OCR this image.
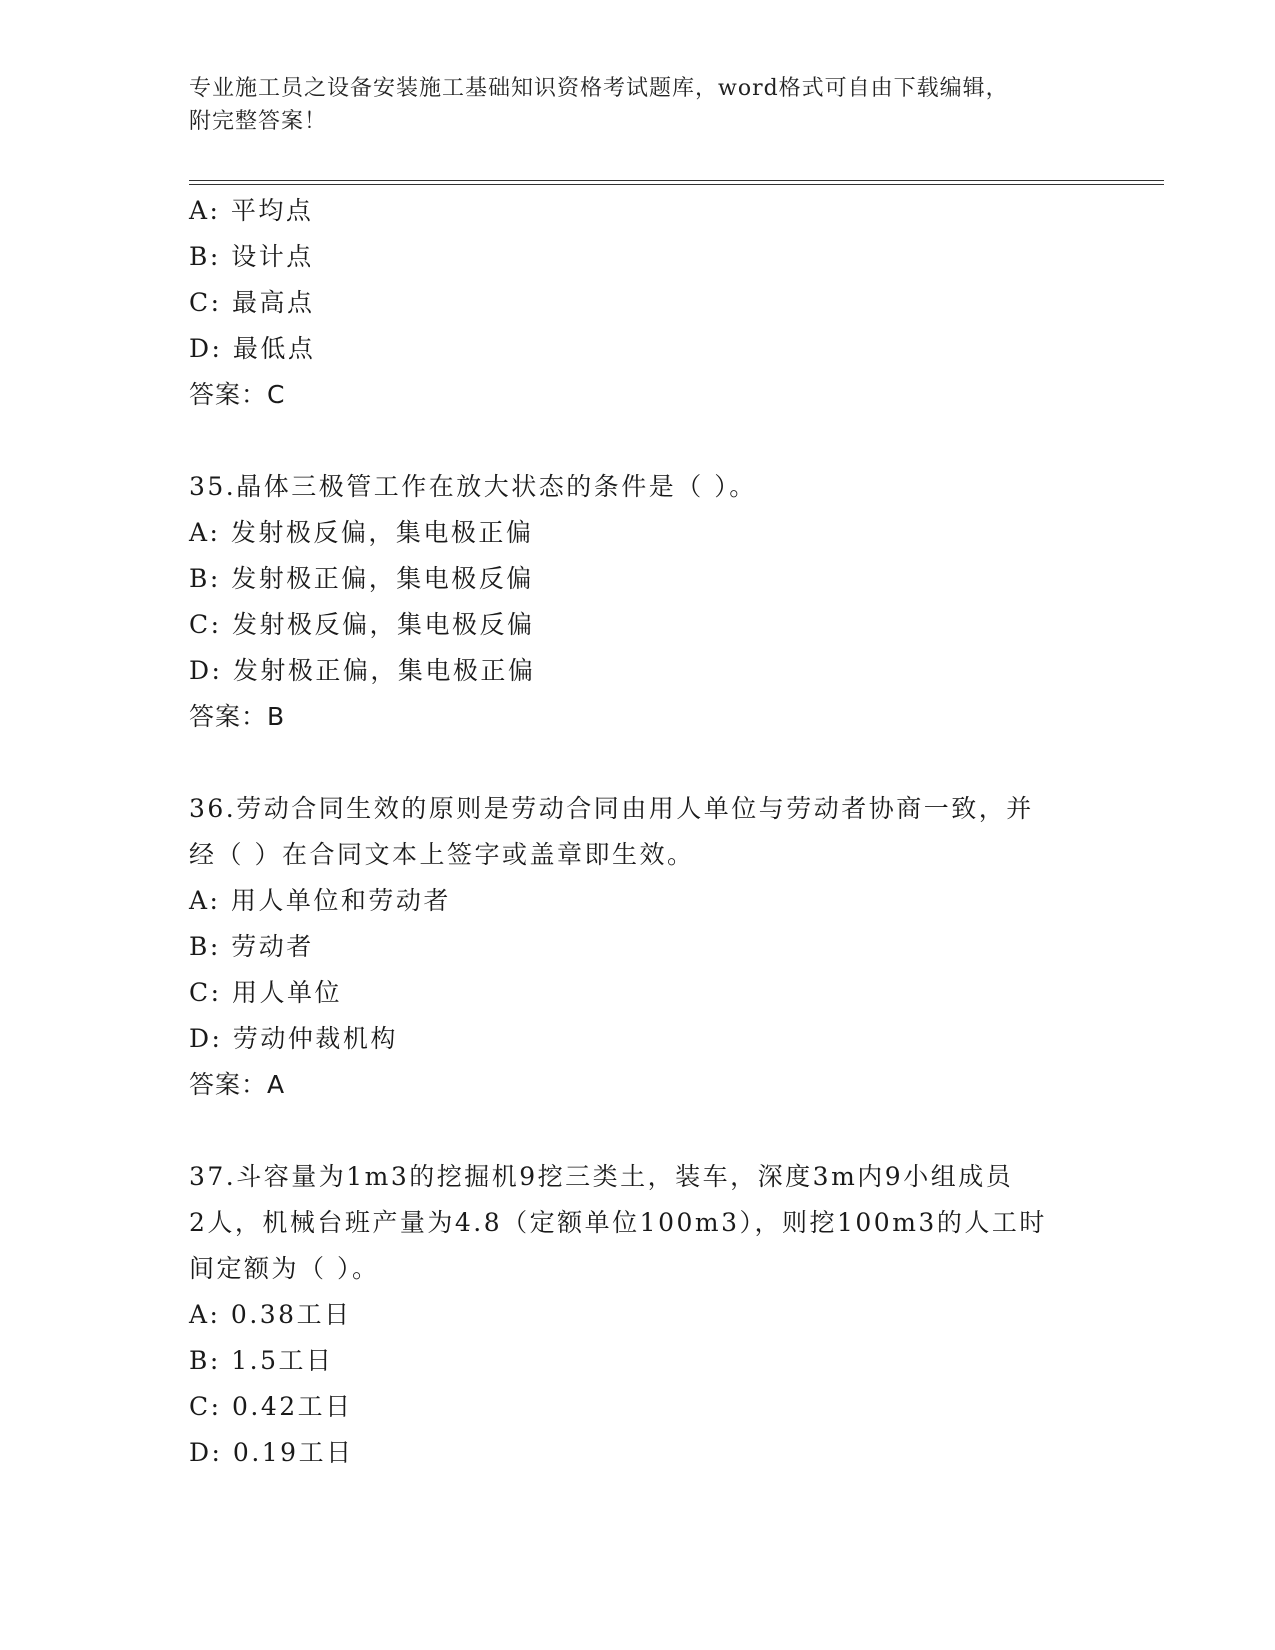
专业施工员之设备安装施工基础知识资格考试题库，word格式可自由下载编辑，
附完整答案！
A: 平均点
B: 设计点
C: 最高点
D: 最低点
答案：C
35.晶体三极管工作在放大状态的条件是（ ）。
A: 发射极反偏，集电极正偏
B: 发射极正偏，集电极反偏
C: 发射极反偏，集电极反偏
D: 发射极正偏，集电极正偏
答案：B
36.劳动合同生效的原则是劳动合同由用人单位与劳动者协商一致，并
经（ ）在合同文本上签字或盖章即生效。
A: 用人单位和劳动者
B: 劳动者
C: 用人单位
D: 劳动仲裁机构
答案：A
37.斗容量为1m3的挖掘机9挖三类土，装车，深度3m内9小组成员
2人，机械台班产量为4.8（定额单位100m3），则挖100m3的人工时
间定额为（ ）。
A: 0.38工日
B: 1.5工日
C: 0.42工日
D: 0.19工日
